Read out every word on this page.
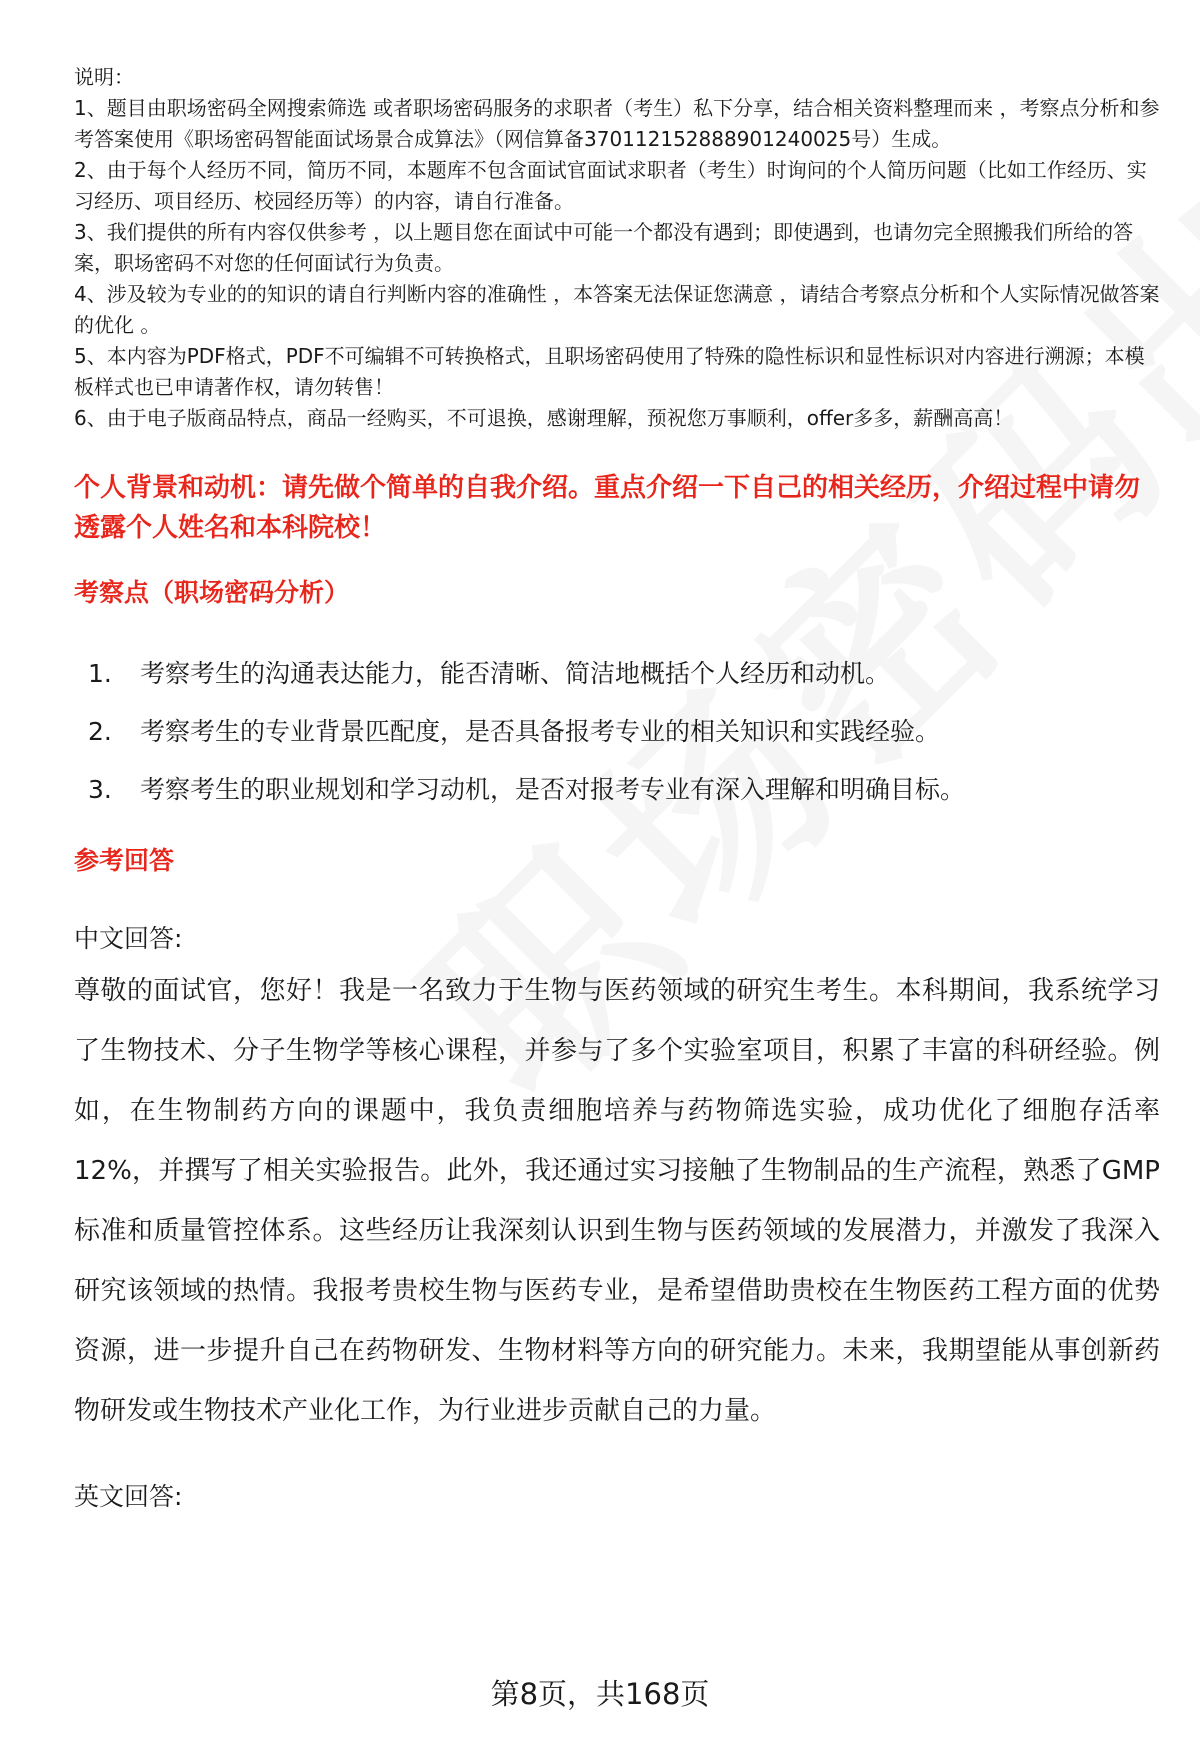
说明：

1、题目由职场密码全网搜索筛选 或者职场密码服务的求职者（考生）私下分享，结合相关资料整理而来 ，考察点分析和参考答案使用《职场密码智能面试场景合成算法》（网信算备370112152888901240025号）生成。

2、由于每个人经历不同，简历不同，本题库不包含面试官面试求职者（考生）时询问的个人简历问题（比如工作经历、实习经历、项目经历、校园经历等）的内容，请自行准备。

3、我们提供的所有内容仅供参考 ，以上题目您在面试中可能一个都没有遇到；即使遇到，也请勿完全照搬我们所给的答案，职场密码不对您的任何面试行为负责。

4、涉及较为专业的的知识的请自行判断内容的准确性 ，本答案无法保证您满意 ，请结合考察点分析和个人实际情况做答案的优化 。

5、本内容为PDF格式，PDF不可编辑不可转换格式，且职场密码使用了特殊的隐性标识和显性标识对内容进行溯源；本模板样式也已申请著作权，请勿转售！

6、由于电子版商品特点，商品一经购买，不可退换，感谢理解，预祝您万事顺利，offer多多，薪酬高高！

个人背景和动机：请先做个简单的自我介绍。重点介绍一下自己的相关经历，介绍过程中请勿透露个人姓名和本科院校！
考察点（职场密码分析）
1.	考察考生的沟通表达能力，能否清晰、简洁地概括个人经历和动机。
2.	考察考生的专业背景匹配度，是否具备报考专业的相关知识和实践经验。
3.	考察考生的职业规划和学习动机，是否对报考专业有深入理解和明确目标。
参考回答
中文回答:
尊敬的面试官，您好！我是一名致力于生物与医药领域的研究生考生。本科期间，我系统学习了生物技术、分子生物学等核心课程，并参与了多个实验室项目，积累了丰富的科研经验。例如，在生物制药方向的课题中，我负责细胞培养与药物筛选实验，成功优化了细胞存活率12%，并撰写了相关实验报告。此外，我还通过实习接触了生物制品的生产流程，熟悉了GMP标准和质量管控体系。这些经历让我深刻认识到生物与医药领域的发展潜力，并激发了我深入研究该领域的热情。我报考贵校生物与医药专业，是希望借助贵校在生物医药工程方面的优势资源，进一步提升自己在药物研发、生物材料等方向的研究能力。未来，我期望能从事创新药物研发或生物技术产业化工作，为行业进步贡献自己的力量。
英文回答:
第8页，共168页
